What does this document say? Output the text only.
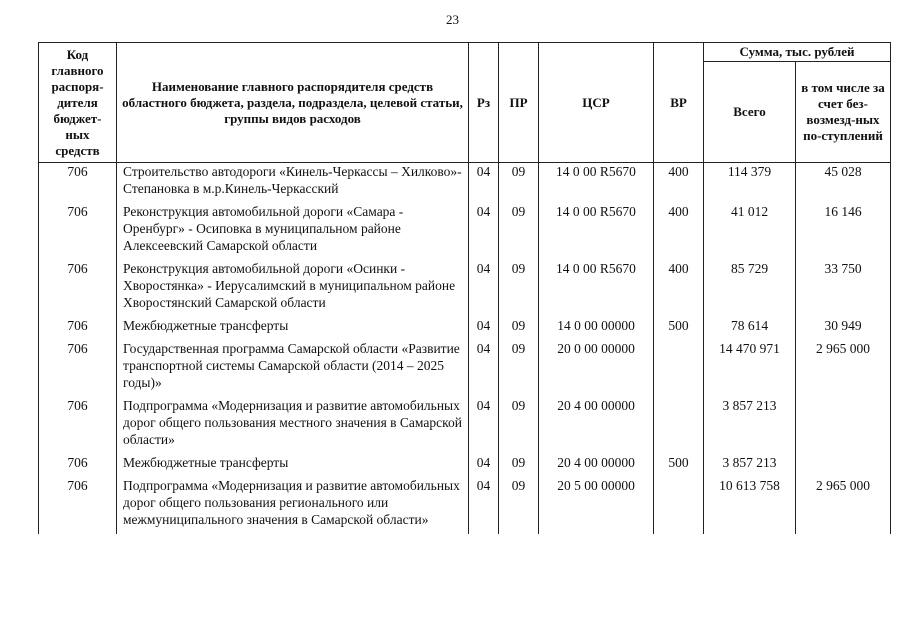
23
Код главного распоря-дителя бюджет-ных средств	Наименование главного распорядителя средств областного бюджета, раздела, подраздела, целевой статьи, группы видов расходов	Рз	ПР	ЦСР	ВР	Сумма, тыс. рублей	
						Всего	в том числе за счет без-возмезд-ных по-ступлений
706	Строительство автодороги «Кинель-Черкассы – Хилково»-Степановка в м.р.Кинель-Черкасский	04	09	14 0 00 R5670	400	114 379	45 028
706	Реконструкция автомобильной дороги «Самара - Оренбург» - Осиповка в муниципальном районе Алексеевский Самарской области	04	09	14 0 00 R5670	400	41 012	16 146
706	Реконструкция автомобильной дороги «Осинки - Хворостянка» - Иерусалимский в муниципальном районе Хворостянский Самарской области	04	09	14 0 00 R5670	400	85 729	33 750
706	Межбюджетные трансферты	04	09	14 0 00 00000	500	78 614	30 949
706	Государственная программа Самарской области «Развитие транспортной системы Самарской области (2014 – 2025 годы)»	04	09	20 0 00 00000		14 470 971	2 965 000
706	Подпрограмма «Модернизация и развитие автомобильных дорог общего пользования местного значения в Самарской области»	04	09	20 4 00 00000		3 857 213	
706	Межбюджетные трансферты	04	09	20 4 00 00000	500	3 857 213	
706	Подпрограмма «Модернизация и развитие автомобильных дорог общего пользования регионального или межмуниципального значения в Самарской области»	04	09	20 5 00 00000		10 613 758	2 965 000
